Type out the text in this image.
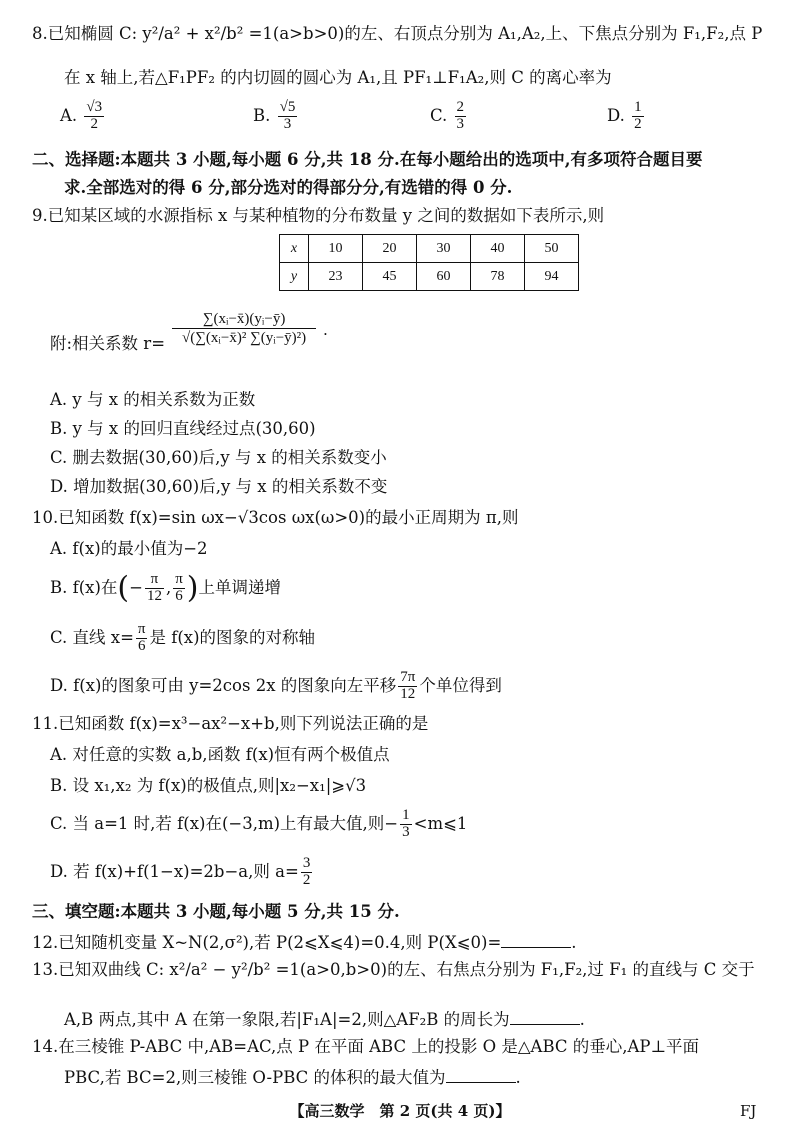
8.已知椭圆 C: y²/a² + x²/b² =1(a>b>0)的左、右顶点分别为 A₁,A₂,上、下焦点分别为 F₁,F₂,点 P
在 x 轴上,若△F₁PF₂ 的内切圆的圆心为 A₁,且 PF₁⊥F₁A₂,则 C 的离心率为
A. $\frac{√3}{2}$	B. $\frac{√5}{3}$	C. $\frac{2}{3}$	D. $\frac{1}{2}$
二、选择题:本题共 3 小题,每小题 6 分,共 18 分.在每小题给出的选项中,有多项符合题目要
求.全部选对的得 6 分,部分选对的得部分分,有选错的得 0 分.
9.已知某区域的水源指标 x 与某种植物的分布数量 y 之间的数据如下表所示,则
x	10	20	30	40	50
y	23	45	60	78	94
附:相关系数 $r= \frac{\text{∑(xᵢ−x̄)(yᵢ−ȳ)}}{\text{√(∑(xᵢ−x̄)² ∑(yᵢ−ȳ)²)}}$ .
A. y 与 x 的相关系数为正数
B. y 与 x 的回归直线经过点(30,60)
C. 删去数据(30,60)后,y 与 x 的相关系数变小
D. 增加数据(30,60)后,y 与 x 的相关系数不变
10.已知函数 f(x)=sin ωx−√3cos ωx(ω>0)的最小正周期为 π,则
A. f(x)的最小值为−2
B. f(x)在(− $\frac{\pi}{12}$ , $\frac{\pi}{6}$ )上单调递增
C. 直线 $x= \frac{\pi}{6}$ 是 f(x)的图象的对称轴
D. f(x)的图象可由 y=2cos 2x 的图象向左平移 $\frac{7\pi}{12}$ 个单位得到
11.已知函数 f(x)=x³−ax²−x+b,则下列说法正确的是
A. 对任意的实数 a,b,函数 f(x)恒有两个极值点
B. 设 x₁,x₂ 为 f(x)的极值点,则|x₂−x₁|⩾√3
C. 当 a=1 时,若 f(x)在(−3,m)上有最大值,则− $\frac{1}{3}$ <m⩽1
D. 若 f(x)+f(1−x)=2b−a,则 $a= \frac{3}{2}$
三、填空题:本题共 3 小题,每小题 5 分,共 15 分.
12.已知随机变量 X~N(2,σ²),若 P(2⩽X⩽4)=0.4,则 P(X⩽0)=	.
13.已知双曲线 C: x²/a² − y²/b² =1(a>0,b>0)的左、右焦点分别为 F₁,F₂,过 F₁ 的直线与 C 交于
A,B 两点,其中 A 在第一象限,若|F₁A|=2,则△AF₂B 的周长为	.
14.在三棱锥 P-ABC 中,AB=AC,点 P 在平面 ABC 上的投影 O 是△ABC 的垂心,AP⊥平面
PBC,若 BC=2,则三棱锥 O-PBC 的体积的最大值为	.
【高三数学　第 2 页(共 4 页)】	FJ
